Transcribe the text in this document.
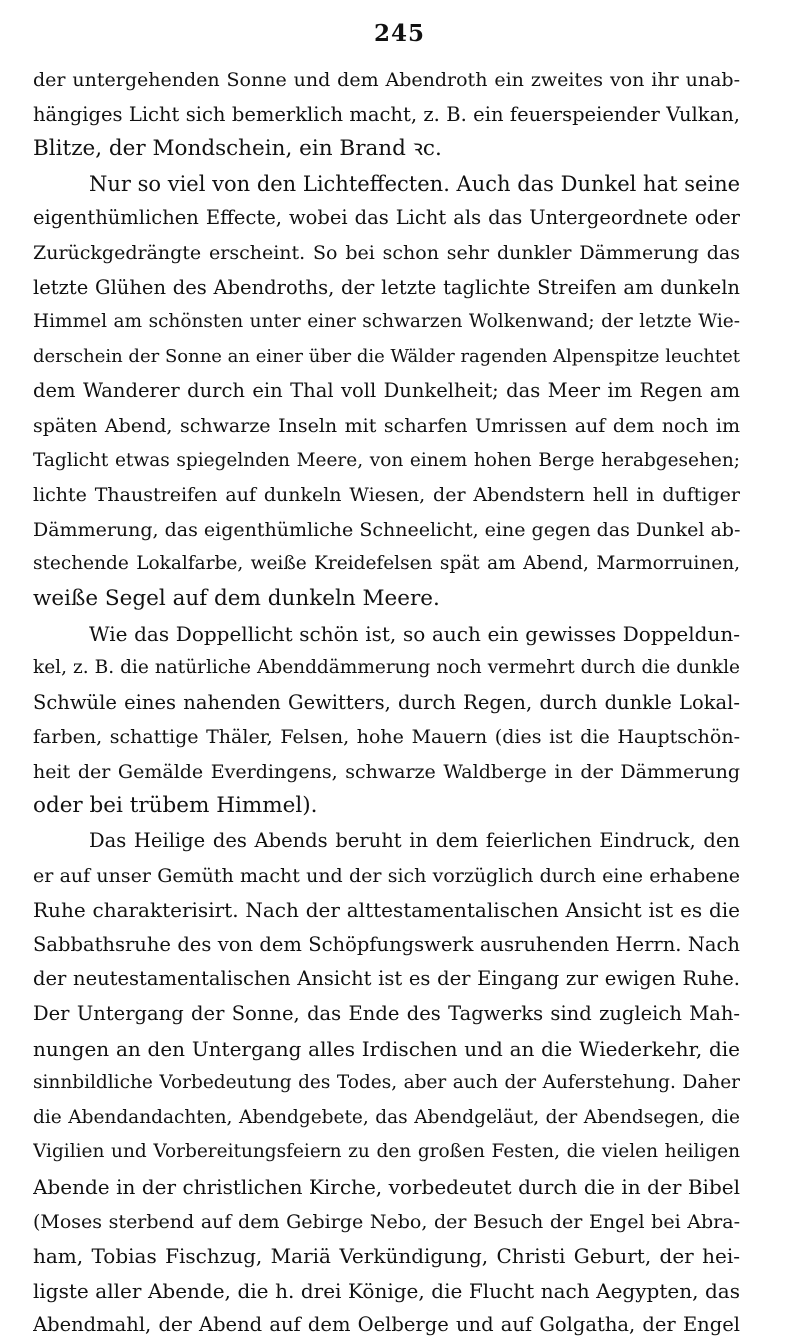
245
der untergehenden Sonne und dem Abendroth ein zweites von ihr unab-
hängiges Licht sich bemerklich macht, z. B. ein feuerspeiender Vulkan,
Blitze, der Mondschein, ein Brand ꝛc.
Nur so viel von den Lichteffecten. Auch das Dunkel hat seine
eigenthümlichen Effecte, wobei das Licht als das Untergeordnete oder
Zurückgedrängte erscheint. So bei schon sehr dunkler Dämmerung das
letzte Glühen des Abendroths, der letzte taglichte Streifen am dunkeln
Himmel am schönsten unter einer schwarzen Wolkenwand; der letzte Wie-
derschein der Sonne an einer über die Wälder ragenden Alpenspitze leuchtet
dem Wanderer durch ein Thal voll Dunkelheit; das Meer im Regen am
späten Abend, schwarze Inseln mit scharfen Umrissen auf dem noch im
Taglicht etwas spiegelnden Meere, von einem hohen Berge herabgesehen;
lichte Thaustreifen auf dunkeln Wiesen, der Abendstern hell in duftiger
Dämmerung, das eigenthümliche Schneelicht, eine gegen das Dunkel ab-
stechende Lokalfarbe, weiße Kreidefelsen spät am Abend, Marmorruinen,
weiße Segel auf dem dunkeln Meere.
Wie das Doppellicht schön ist, so auch ein gewisses Doppeldun-
kel, z. B. die natürliche Abenddämmerung noch vermehrt durch die dunkle
Schwüle eines nahenden Gewitters, durch Regen, durch dunkle Lokal-
farben, schattige Thäler, Felsen, hohe Mauern (dies ist die Hauptschön-
heit der Gemälde Everdingens, schwarze Waldberge in der Dämmerung
oder bei trübem Himmel).
Das Heilige des Abends beruht in dem feierlichen Eindruck, den
er auf unser Gemüth macht und der sich vorzüglich durch eine erhabene
Ruhe charakterisirt. Nach der alttestamentalischen Ansicht ist es die
Sabbathsruhe des von dem Schöpfungswerk ausruhenden Herrn. Nach
der neutestamentalischen Ansicht ist es der Eingang zur ewigen Ruhe.
Der Untergang der Sonne, das Ende des Tagwerks sind zugleich Mah-
nungen an den Untergang alles Irdischen und an die Wiederkehr, die
sinnbildliche Vorbedeutung des Todes, aber auch der Auferstehung. Daher
die Abendandachten, Abendgebete, das Abendgeläut, der Abendsegen, die
Vigilien und Vorbereitungsfeiern zu den großen Festen, die vielen heiligen
Abende in der christlichen Kirche, vorbedeutet durch die in der Bibel
(Moses sterbend auf dem Gebirge Nebo, der Besuch der Engel bei Abra-
ham, Tobias Fischzug, Mariä Verkündigung, Christi Geburt, der hei-
ligste aller Abende, die h. drei Könige, die Flucht nach Aegypten, das
Abendmahl, der Abend auf dem Oelberge und auf Golgatha, der Engel
